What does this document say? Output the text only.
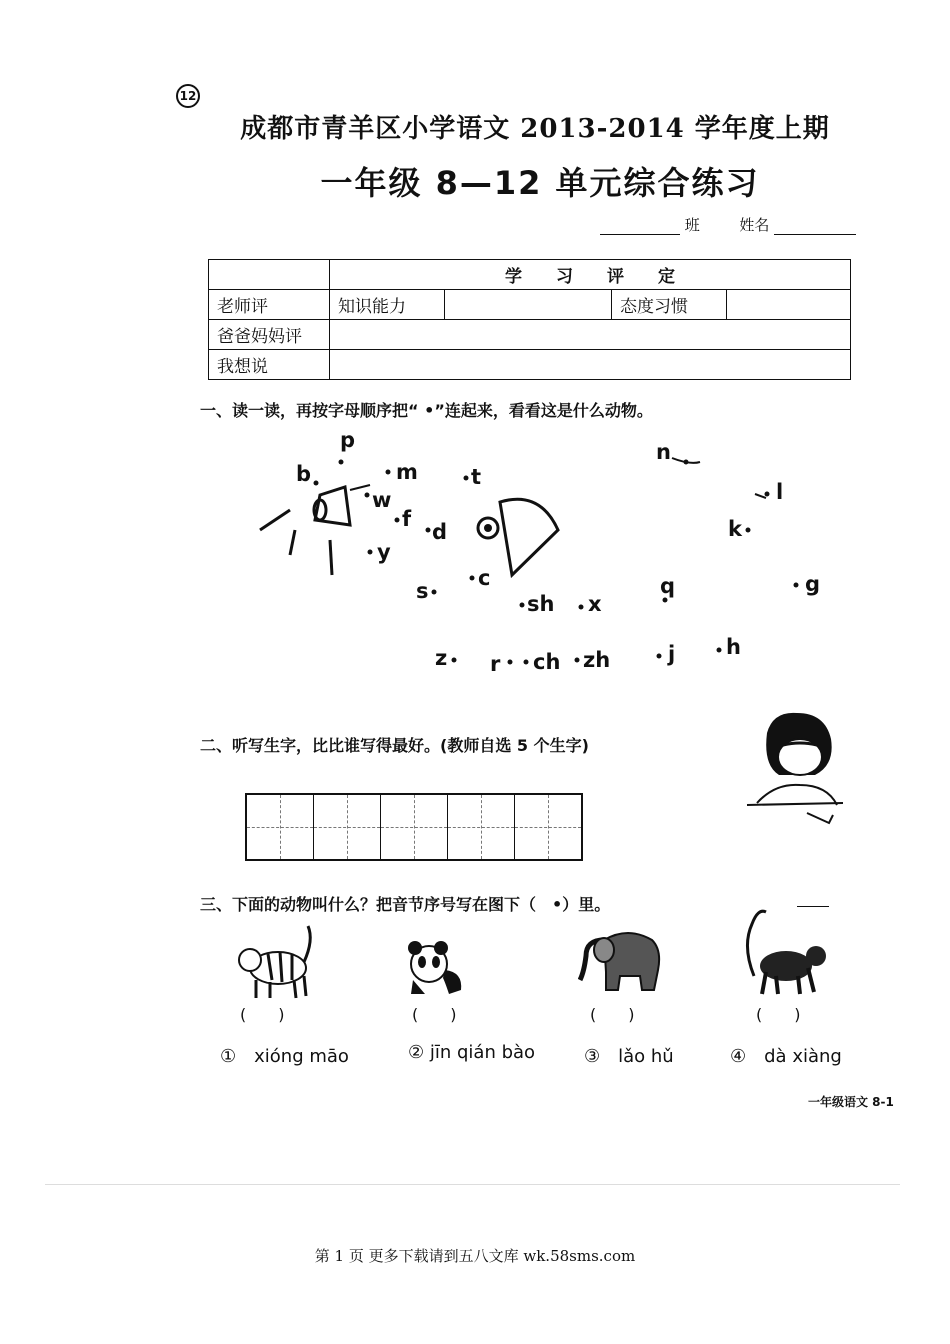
12
成都市青羊区小学语文 2013-2014 学年度上期
一年级 8—12 单元综合练习
班	姓名
	学　　习　　评　　定			
老师评	知识能力		态度习惯	
爸爸妈妈评				
我想说				
一、读一读，再按字母顺序把“ •”连起来，看看这是什么动物。
p
b	m	t
n
w
f
d
l
k
y
c
s
sh x
q	g
z r ch zh	j h
二、听写生字，比比谁写得最好。(教师自选 5 个生字)
三、下面的动物叫什么？把音节序号写在图下（　•）里。
(　　)	(　　)	(　　)	(　　)
①　xióng māo	② jīn qián bào	③　lǎo hǔ	④　dà xiàng
一年级语文 8-1
第 1 页 更多下载请到五八文库 wk.58sms.com
